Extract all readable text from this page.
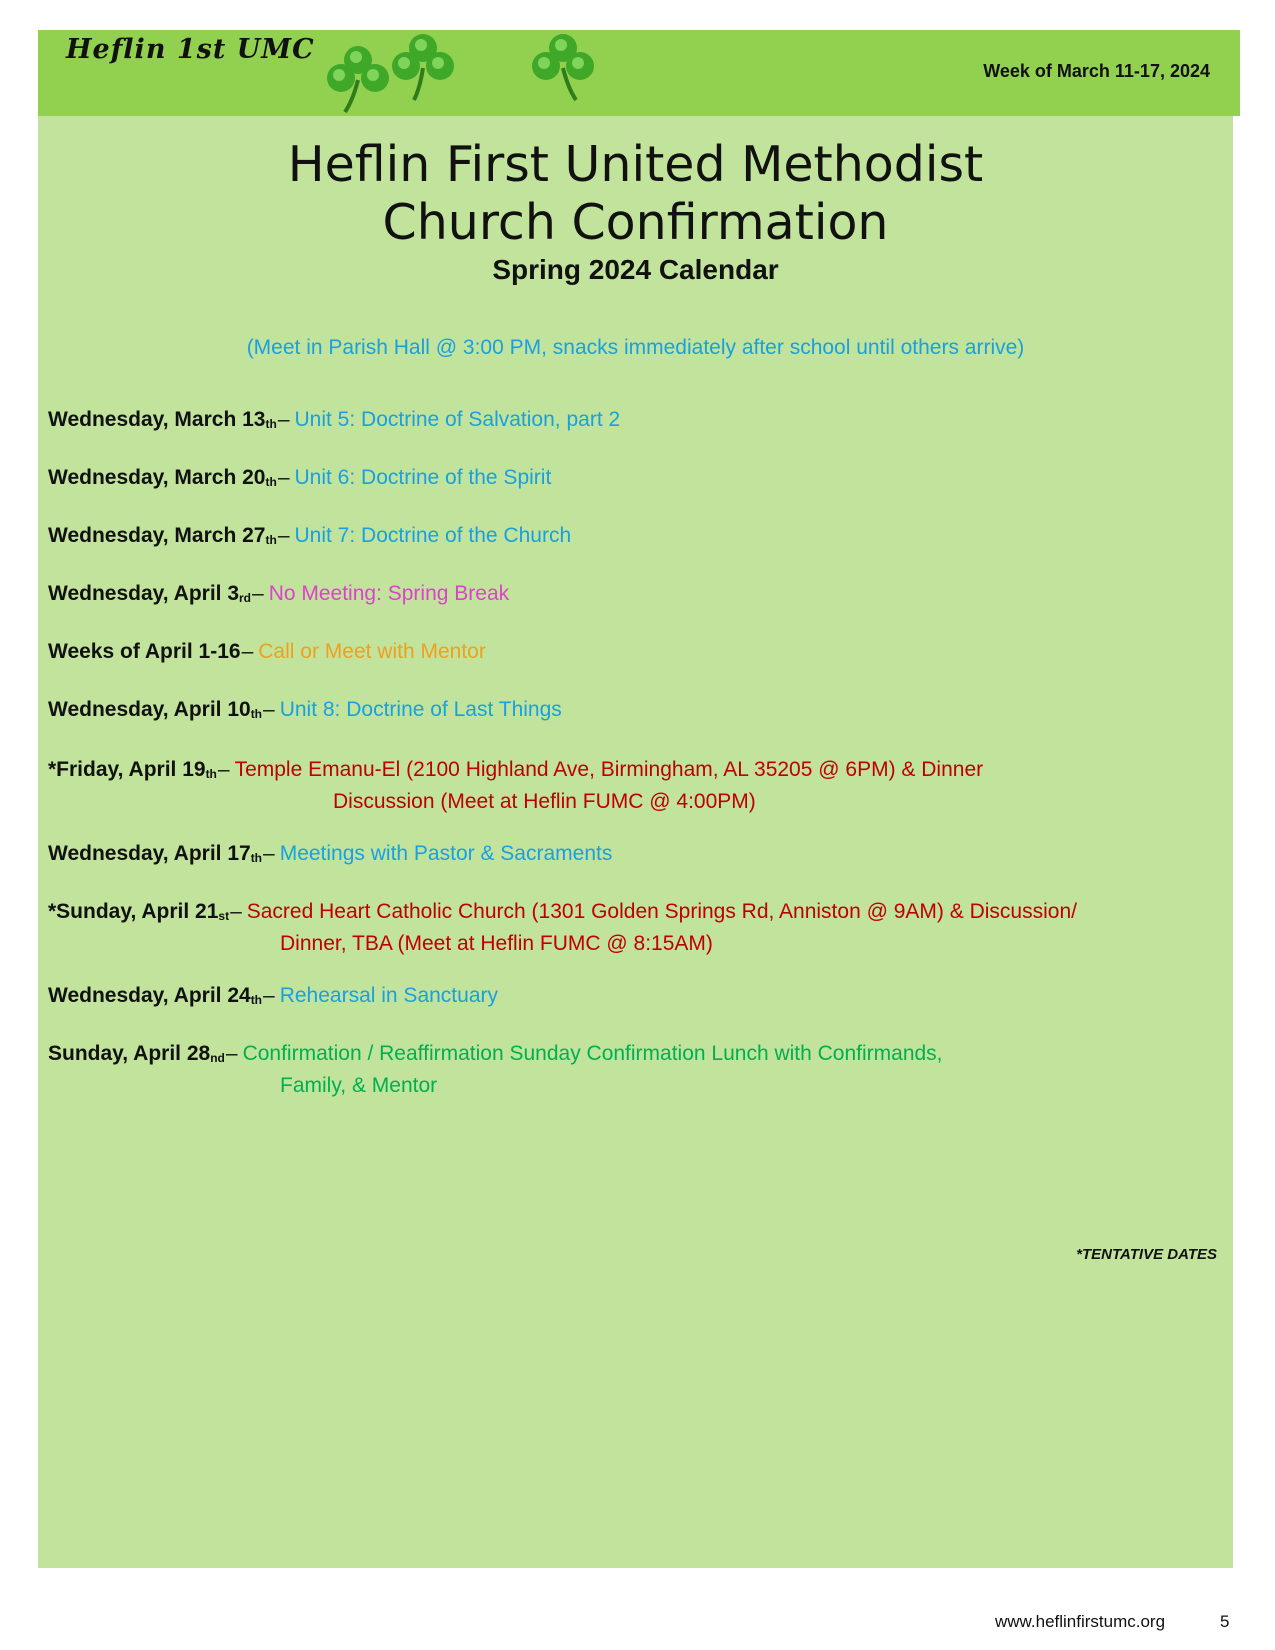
Heflin 1st UMC
Week of March 11-17, 2024
Heflin First United Methodist
Church Confirmation
Spring 2024 Calendar
(Meet in Parish Hall @ 3:00 PM, snacks immediately after school until others arrive)
Wednesday, March $13_{th}-$ Unit 5: Doctrine of Salvation, part 2
Wednesday, March $20_{th}-$ Unit 6: Doctrine of the Spirit
Wednesday, March $27_{th}-$ Unit 7: Doctrine of the Church
Wednesday, April $3_{rd}-$ No Meeting: Spring Break
Weeks of April 1-16– Call or Meet with Mentor
Wednesday, April $10_{th}-$ Unit 8: Doctrine of Last Things
*Friday, April $19_{th}-$ Temple Emanu-El (2100 Highland Ave, Birmingham, AL 35205 @ 6PM) & Dinner
Discussion (Meet at Heflin FUMC @ 4:00PM)
Wednesday, April $17_{th}-$ Meetings with Pastor & Sacraments
*Sunday, April $21_{st}-$ Sacred Heart Catholic Church (1301 Golden Springs Rd, Anniston @ 9AM) & Discussion/
Dinner, TBA (Meet at Heflin FUMC @ 8:15AM)
Wednesday, April $24_{th}-$ Rehearsal in Sanctuary
Sunday, April $28_{nd}-$ Confirmation / Reaffirmation Sunday Confirmation Lunch with Confirmands,
Family, & Mentor
*TENTATIVE DATES
www.heflinfirstumc.org	5
